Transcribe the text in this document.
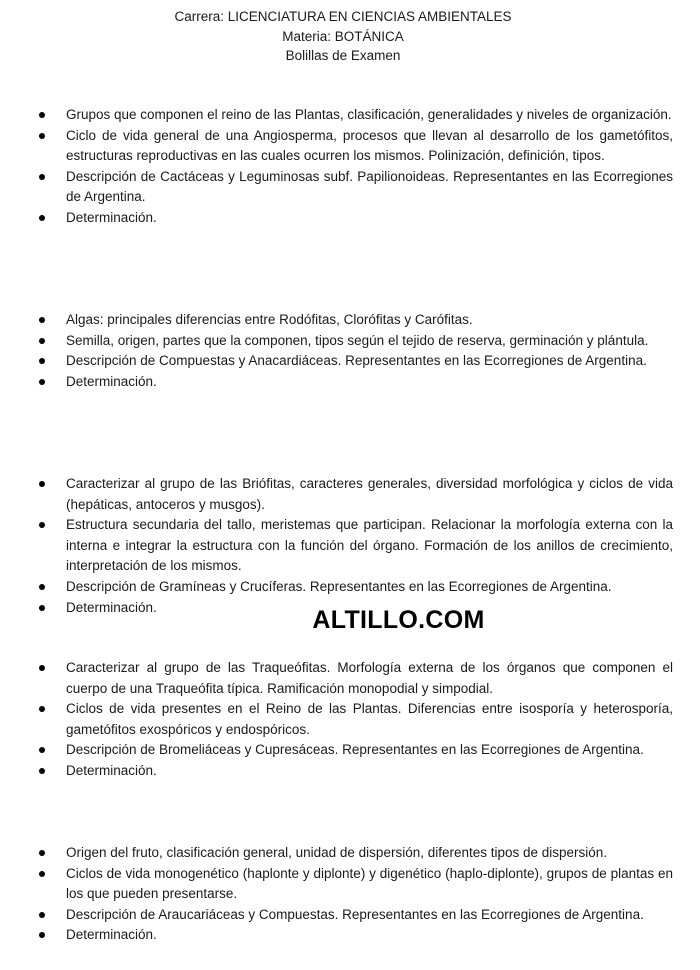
Carrera: LICENCIATURA EN CIENCIAS AMBIENTALES
Materia: BOTÁNICA
Bolillas de Examen
Grupos que componen el reino de las Plantas, clasificación, generalidades y niveles de organización.
Ciclo de vida general de una Angiosperma, procesos que llevan al desarrollo de los gametófitos, estructuras reproductivas en las cuales ocurren los mismos. Polinización, definición, tipos.
Descripción de Cactáceas y Leguminosas subf. Papilionoideas. Representantes en las Ecorregiones de Argentina.
Determinación.
Algas: principales diferencias entre Rodófitas, Clorófitas y Carófitas.
Semilla, origen, partes que la componen, tipos según el tejido de reserva, germinación y plántula.
Descripción de Compuestas y Anacardiáceas. Representantes en las Ecorregiones de Argentina.
Determinación.
Caracterizar al grupo de las Briófitas, caracteres generales, diversidad morfológica y ciclos de vida (hepáticas, antoceros y musgos).
Estructura secundaria del tallo, meristemas que participan. Relacionar la morfología externa con la interna e integrar la estructura con la función del órgano. Formación de los anillos de crecimiento, interpretación de los mismos.
Descripción de Gramíneas y Crucíferas. Representantes en las Ecorregiones de Argentina.
Determinación.	ALTILLO.COM
Caracterizar al grupo de las Traqueófitas. Morfología externa de los órganos que componen el cuerpo de una Traqueófita típica. Ramificación monopodial y simpodial.
Ciclos de vida presentes en el Reino de las Plantas. Diferencias entre isosporía y heterosporía, gametófitos exospóricos y endospóricos.
Descripción de Bromeliáceas y Cupresáceas. Representantes en las Ecorregiones de Argentina.
Determinación.
Origen del fruto, clasificación general, unidad de dispersión, diferentes tipos de dispersión.
Ciclos de vida monogenético (haplonte y diplonte) y digenético (haplo-diplonte), grupos de plantas en los que pueden presentarse.
Descripción de Araucariáceas y Compuestas. Representantes en las Ecorregiones de Argentina.
Determinación.
